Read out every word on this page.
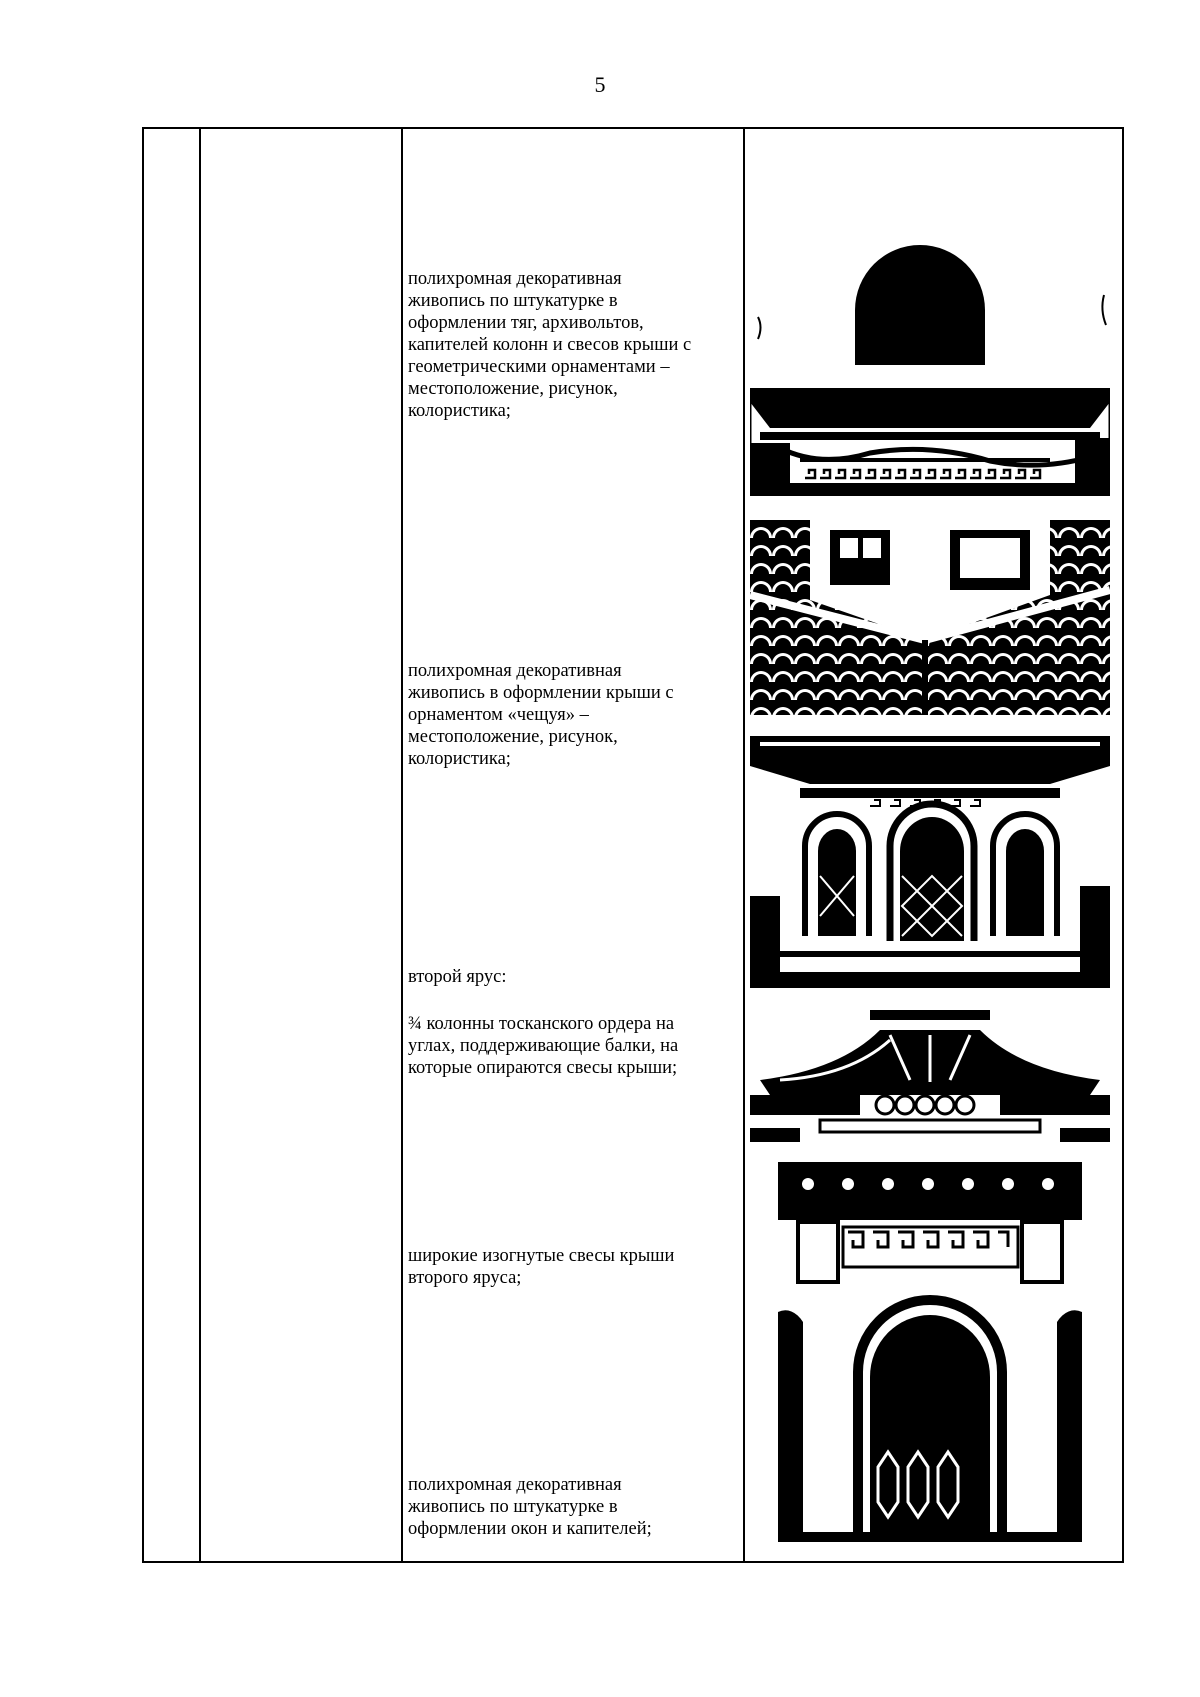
5
полихромная декоративная
живопись по штукатурке в
оформлении тяг, архивольтов,
капителей колонн и свесов крыши с
геометрическими орнаментами –
местоположение, рисунок,
колористика;
полихромная декоративная
живопись в оформлении крыши с
орнаментом «чещуя» –
местоположение, рисунок,
колористика;
второй ярус:
¾ колонны тосканского ордера на
углах, поддерживающие балки, на
которые опираются свесы крыши;
широкие изогнутые свесы крыши
второго яруса;
полихромная декоративная
живопись по штукатурке в
оформлении окон и капителей;
